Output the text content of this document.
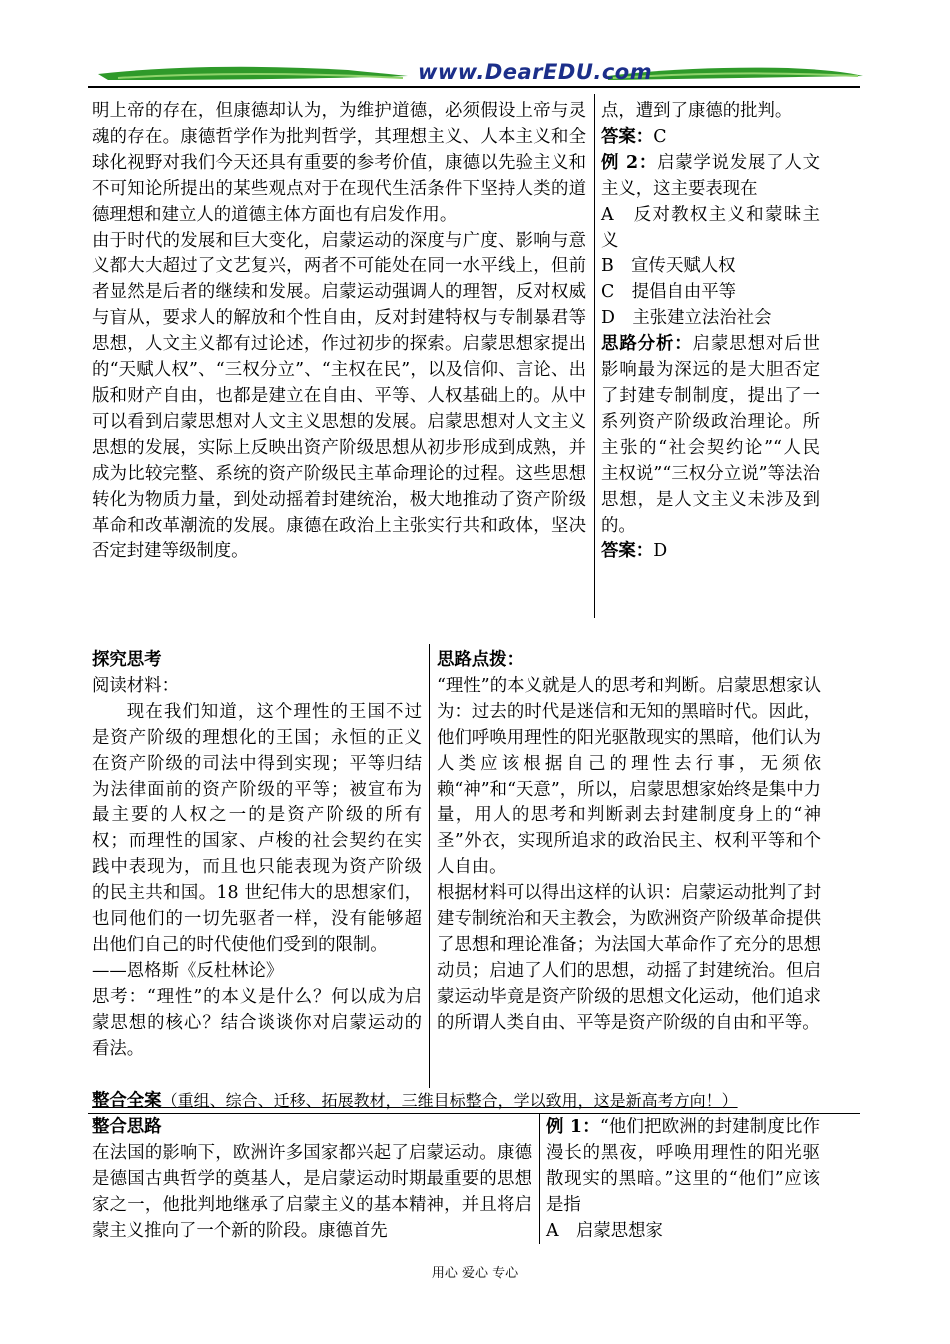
www.DearEDU.com

明上帝的存在，但康德却认为，为维护道德，必须假设上帝与灵魂的存在。康德哲学作为批判哲学，其理想主义、人本主义和全球化视野对我们今天还具有重要的参考价值，康德以先验主义和不可知论所提出的某些观点对于在现代生活条件下坚持人类的道德理想和建立人的道德主体方面也有启发作用。

由于时代的发展和巨大变化，启蒙运动的深度与广度、影响与意义都大大超过了文艺复兴，两者不可能处在同一水平线上，但前者显然是后者的继续和发展。启蒙运动强调人的理智，反对权威与盲从，要求人的解放和个性自由，反对封建特权与专制暴君等思想，人文主义都有过论述，作过初步的探索。启蒙思想家提出的“天赋人权”、“三权分立”、“主权在民”，以及信仰、言论、出版和财产自由，也都是建立在自由、平等、人权基础上的。从中可以看到启蒙思想对人文主义思想的发展。启蒙思想对人文主义思想的发展，实际上反映出资产阶级思想从初步形成到成熟，并成为比较完整、系统的资产阶级民主革命理论的过程。这些思想转化为物质力量，到处动摇着封建统治，极大地推动了资产阶级革命和改革潮流的发展。康德在政治上主张实行共和政体，坚决否定封建等级制度。

点，遭到了康德的批判。

答案：C

例 2：启蒙学说发展了人文主义，这主要表现在

A　反对教权主义和蒙昧主义

B　宣传天赋人权

C　提倡自由平等

D　主张建立法治社会

思路分析：启蒙思想对后世影响最为深远的是大胆否定了封建专制制度，提出了一系列资产阶级政治理论。所主张的“社会契约论”“人民 主权说”“三权分立说”等法治思想，是人文主义未涉及到的。

答案：D

探究思考

阅读材料：

现在我们知道，这个理性的王国不过是资产阶级的理想化的王国；永恒的正义在资产阶级的司法中得到实现；平等归结为法律面前的资产阶级的平等；被宣布为最主要的人权之一的是资产阶级的所有权；而理性的国家、卢梭的社会契约在实践中表现为，而且也只能表现为资产阶级的民主共和国。18 世纪伟大的思想家们，也同他们的一切先驱者一样，没有能够超出他们自己的时代使他们受到的限制。

——恩格斯《反杜林论》

思考：“理性”的本义是什么？何以成为启蒙思想的核心？结合谈谈你对启蒙运动的看法。

思路点拨：

“理性”的本义就是人的思考和判断。启蒙思想家认为：过去的时代是迷信和无知的黑暗时代。因此，他们呼唤用理性的阳光驱散现实的黑暗，他们认为人类应该根据自己的理性去行事，无须依赖“神”和“天意”，所以，启蒙思想家始终是集中力量，用人的思考和判断剥去封建制度身上的“神圣”外衣，实现所追求的政治民主、权利平等和个人自由。

根据材料可以得出这样的认识：启蒙运动批判了封建专制统治和天主教会，为欧洲资产阶级革命提供了思想和理论准备；为法国大革命作了充分的思想动员；启迪了人们的思想，动摇了封建统治。但启蒙运动毕竟是资产阶级的思想文化运动，他们追求的所谓人类自由、平等是资产阶级的自由和平等。

整合全案（重组、综合、迁移、拓展教材，三维目标整合，学以致用，这是新高考方向！）

整合思路

在法国的影响下，欧洲许多国家都兴起了启蒙运动。康德是德国古典哲学的奠基人，是启蒙运动时期最重要的思想家之一，他批判地继承了启蒙主义的基本精神，并且将启蒙主义推向了一个新的阶段。康德首先

例 1：“他们把欧洲的封建制度比作漫长的黑夜，呼唤用理性的阳光驱散现实的黑暗。”这里的“他们”应该是指

A　启蒙思想家

用心 爱心 专心
